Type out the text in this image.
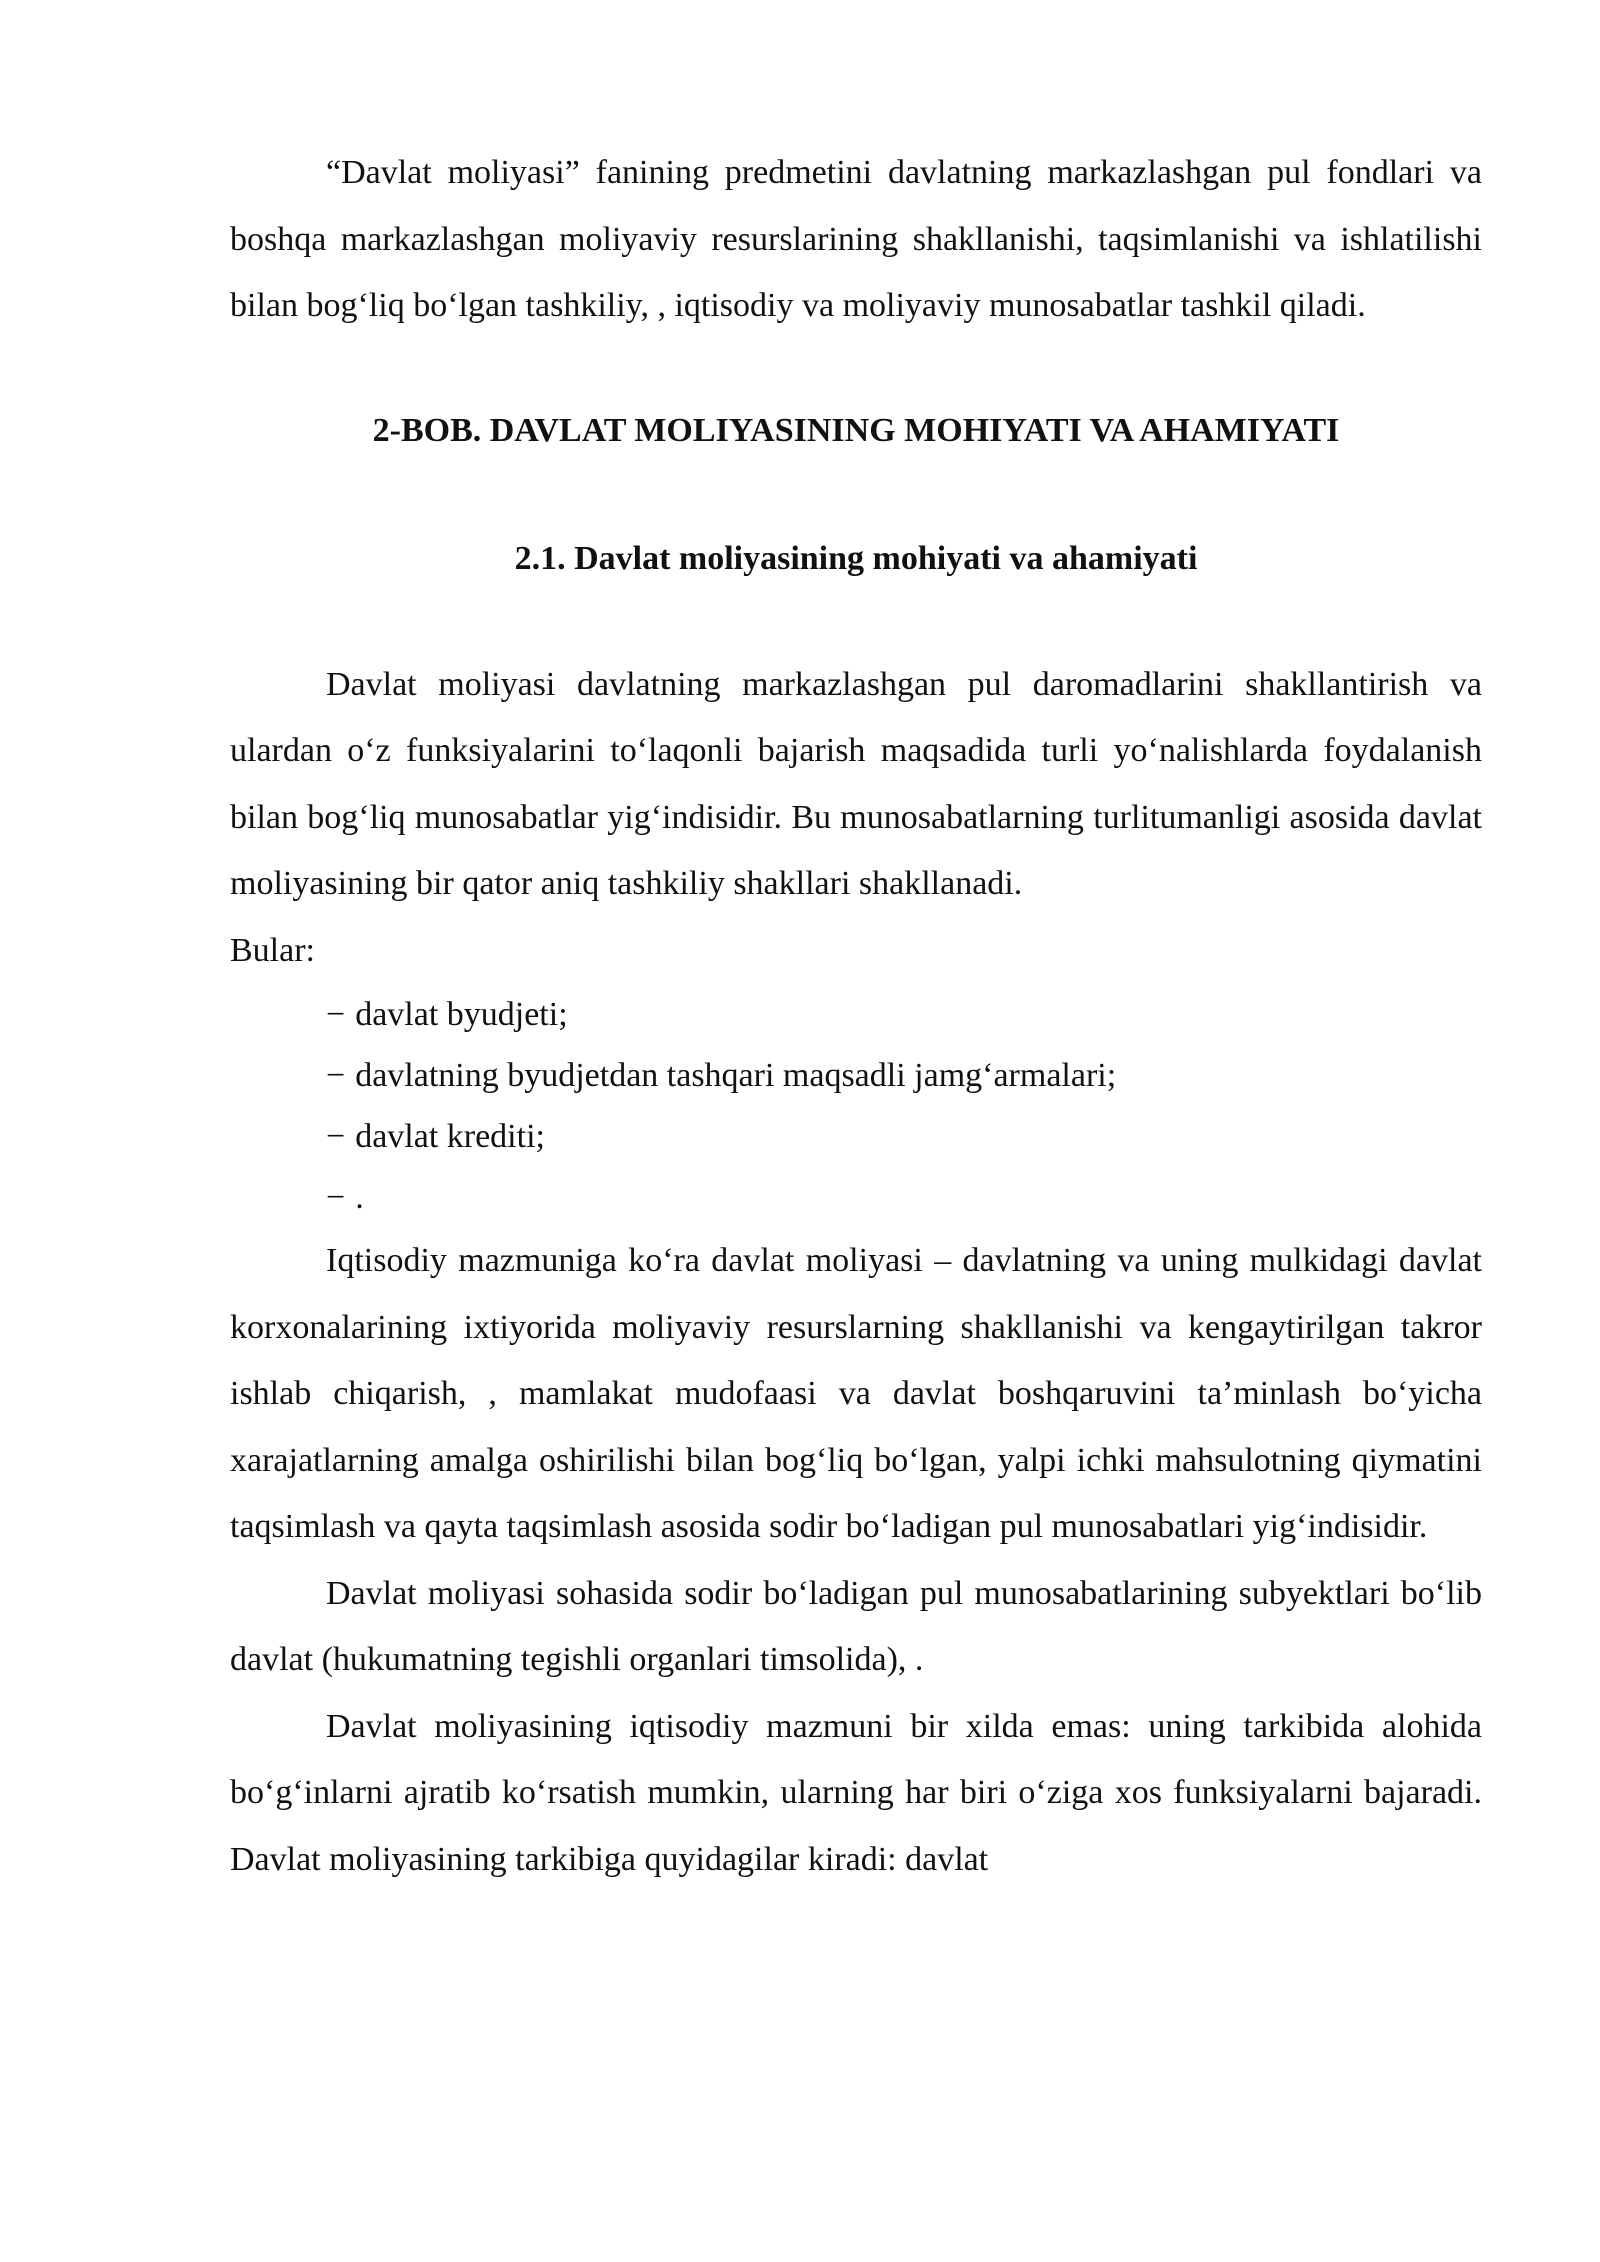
“Davlat moliyasi” fanining predmetini davlatning markazlashgan pul fondlari va boshqa markazlashgan moliyaviy resurslarining shakllanishi, taqsimlanishi va ishlatilishi bilan bog‘liq bo‘lgan tashkiliy, , iqtisodiy va moliyaviy munosabatlar tashkil qiladi.

2-BOB. DAVLAT MOLIYASINING MOHIYATI VA AHAMIYATI
2.1. Davlat moliyasining mohiyati va ahamiyati

Davlat moliyasi davlatning markazlashgan pul daromadlarini shakllantirish va ulardan o‘z funksiyalarini to‘laqonli bajarish maqsadida turli yo‘nalishlarda foydalanish bilan bog‘liq munosabatlar yig‘indisidir. Bu munosabatlarning turlitumanligi asosida davlat moliyasining bir qator aniq tashkiliy shakllari shakllanadi.

Bular:

− davlat byudjeti;
− davlatning byudjetdan tashqari maqsadli jamg‘armalari;
− davlat krediti;
− .

Iqtisodiy mazmuniga ko‘ra davlat moliyasi – davlatning va uning mulkidagi davlat korxonalarining ixtiyorida moliyaviy resurslarning shakllanishi va kengaytirilgan takror ishlab chiqarish, , mamlakat mudofaasi va davlat boshqaruvini ta’minlash bo‘yicha xarajatlarning amalga oshirilishi bilan bog‘liq bo‘lgan, yalpi ichki mahsulotning qiymatini taqsimlash va qayta taqsimlash asosida sodir bo‘ladigan pul munosabatlari yig‘indisidir.

Davlat moliyasi sohasida sodir bo‘ladigan pul munosabatlarining subyektlari bo‘lib davlat (hukumatning tegishli organlari timsolida), .

Davlat moliyasining iqtisodiy mazmuni bir xilda emas: uning tarkibida alohida bo‘g‘inlarni ajratib ko‘rsatish mumkin, ularning har biri o‘ziga xos funksiyalarni bajaradi. Davlat moliyasining tarkibiga quyidagilar kiradi: davlat
